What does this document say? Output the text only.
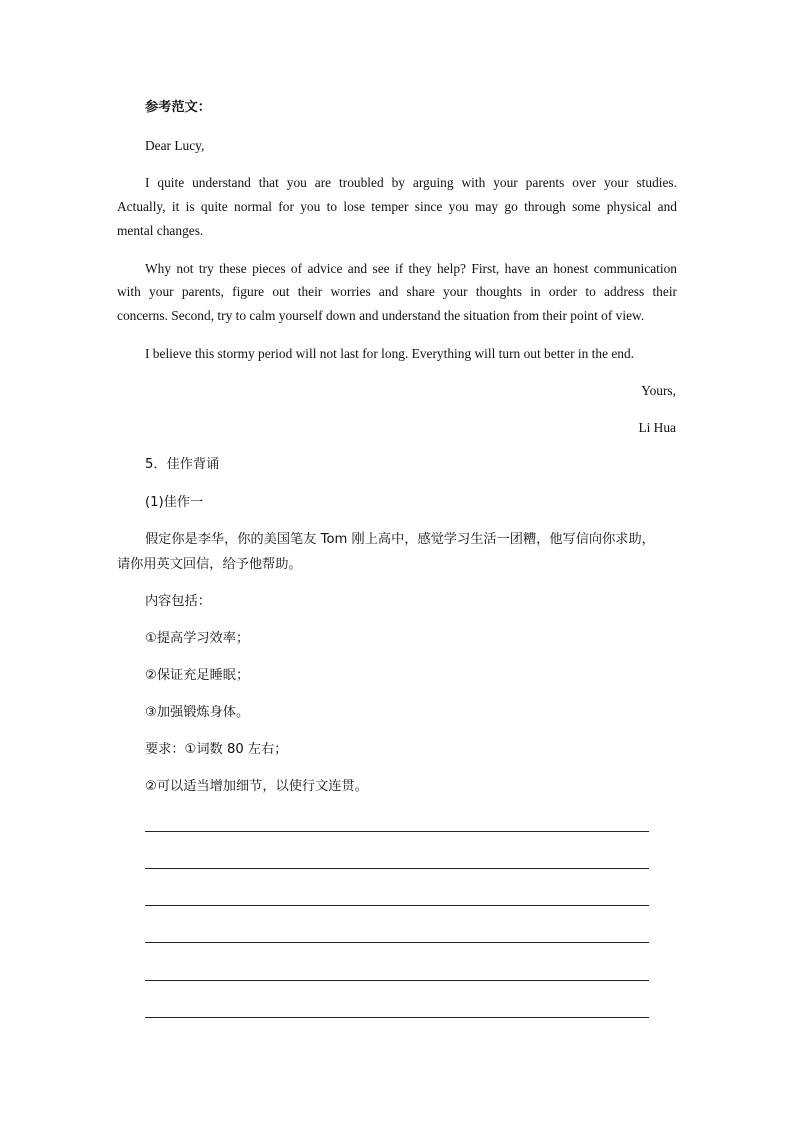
参考范文：
Dear Lucy,
I quite understand that you are troubled by arguing with your parents over your studies.
Actually, it is quite normal for you to lose temper since you may go through some physical and
mental changes.
Why not try these pieces of advice and see if they help? First, have an honest communication
with your parents, figure out their worries and share your thoughts in order to address their
concerns. Second, try to calm yourself down and understand the situation from their point of view.
I believe this stormy period will not last for long. Everything will turn out better in the end.
Yours,
Li Hua
5．佳作背诵
(1)佳作一
假定你是李华，你的美国笔友 Tom 刚上高中，感觉学习生活一团糟，他写信向你求助，
请你用英文回信，给予他帮助。
内容包括：
①提高学习效率；
②保证充足睡眠；
③加强锻炼身体。
要求：①词数 80 左右；
②可以适当增加细节，以使行文连贯。
